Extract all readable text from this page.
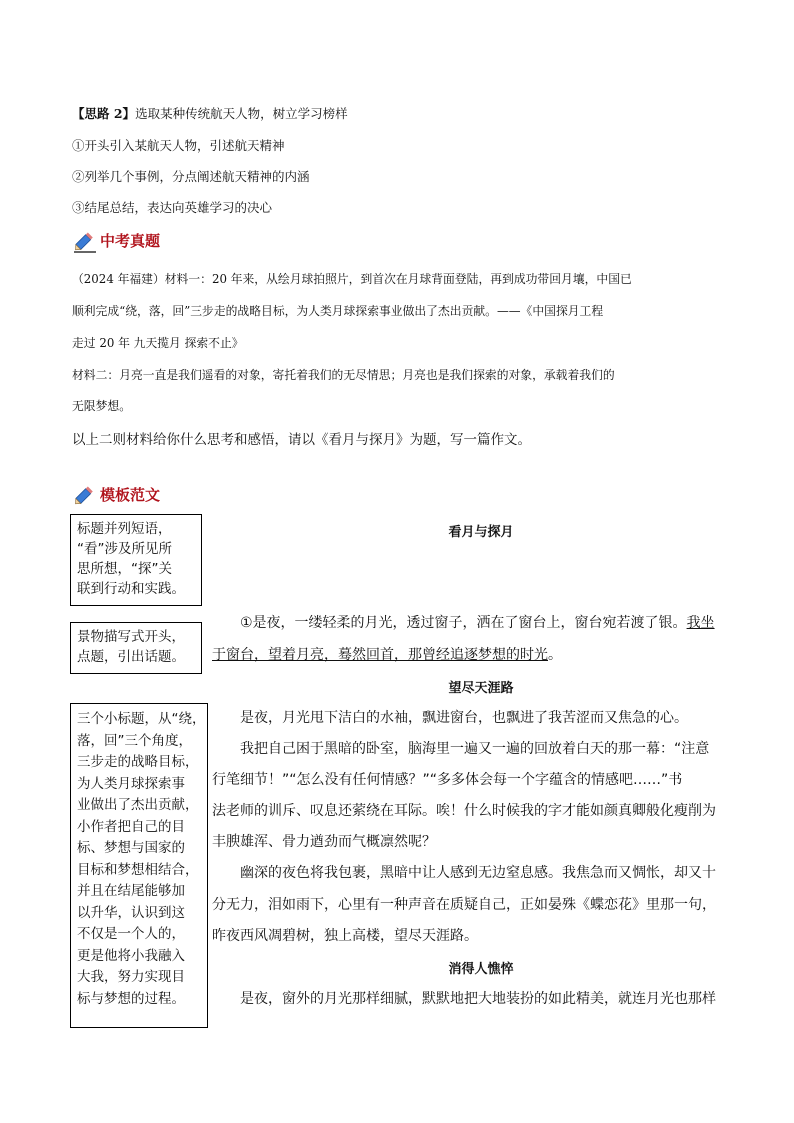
【思路 2】选取某种传统航天人物，树立学习榜样
①开头引入某航天人物，引述航天精神
②列举几个事例，分点阐述航天精神的内涵
③结尾总结，表达向英雄学习的决心
中考真题
（2024 年福建）材料一：20 年来，从绘月球拍照片，到首次在月球背面登陆，再到成功带回月壤，中国已
顺利完成“绕，落，回”三步走的战略目标，为人类月球探索事业做出了杰出贡献。——《中国探月工程
走过 20 年 九天揽月 探索不止》
材料二：月亮一直是我们遥看的对象，寄托着我们的无尽情思；月亮也是我们探索的对象，承载着我们的
无限梦想。
以上二则材料给你什么思考和感悟，请以《看月与探月》为题，写一篇作文。
模板范文
标题并列短语，
“看”涉及所见所
思所想，“探”关
联到行动和实践。
景物描写式开头，
点题，引出话题。
三个小标题，从“绕，
落，回”三个角度，
三步走的战略目标，
为人类月球探索事
业做出了杰出贡献，
小作者把自己的目
标、梦想与国家的
目标和梦想相结合，
并且在结尾能够加
以升华，认识到这
不仅是一个人的，
更是他将小我融入
大我，努力实现目
标与梦想的过程。
看月与探月
①是夜，一缕轻柔的月光，透过窗子，洒在了窗台上，窗台宛若渡了银。我坐
于窗台，望着月亮，蓦然回首，那曾经追逐梦想的时光。
望尽天涯路
是夜，月光甩下洁白的水袖，飘进窗台，也飘进了我苦涩而又焦急的心。
我把自己困于黑暗的卧室，脑海里一遍又一遍的回放着白天的那一幕：“注意
行笔细节！”“怎么没有任何情感？”“多多体会每一个字蕴含的情感吧……”书
法老师的训斥、叹息还萦绕在耳际。唉！什么时候我的字才能如颜真卿般化瘦削为
丰腴雄浑、骨力遒劲而气概凛然呢？
幽深的夜色将我包裹，黑暗中让人感到无边窒息感。我焦急而又惆怅，却又十
分无力，泪如雨下，心里有一种声音在质疑自己，正如晏殊《蝶恋花》里那一句，
昨夜西风凋碧树，独上高楼，望尽天涯路。
消得人憔悴
是夜，窗外的月光那样细腻，默默地把大地装扮的如此精美，就连月光也那样
